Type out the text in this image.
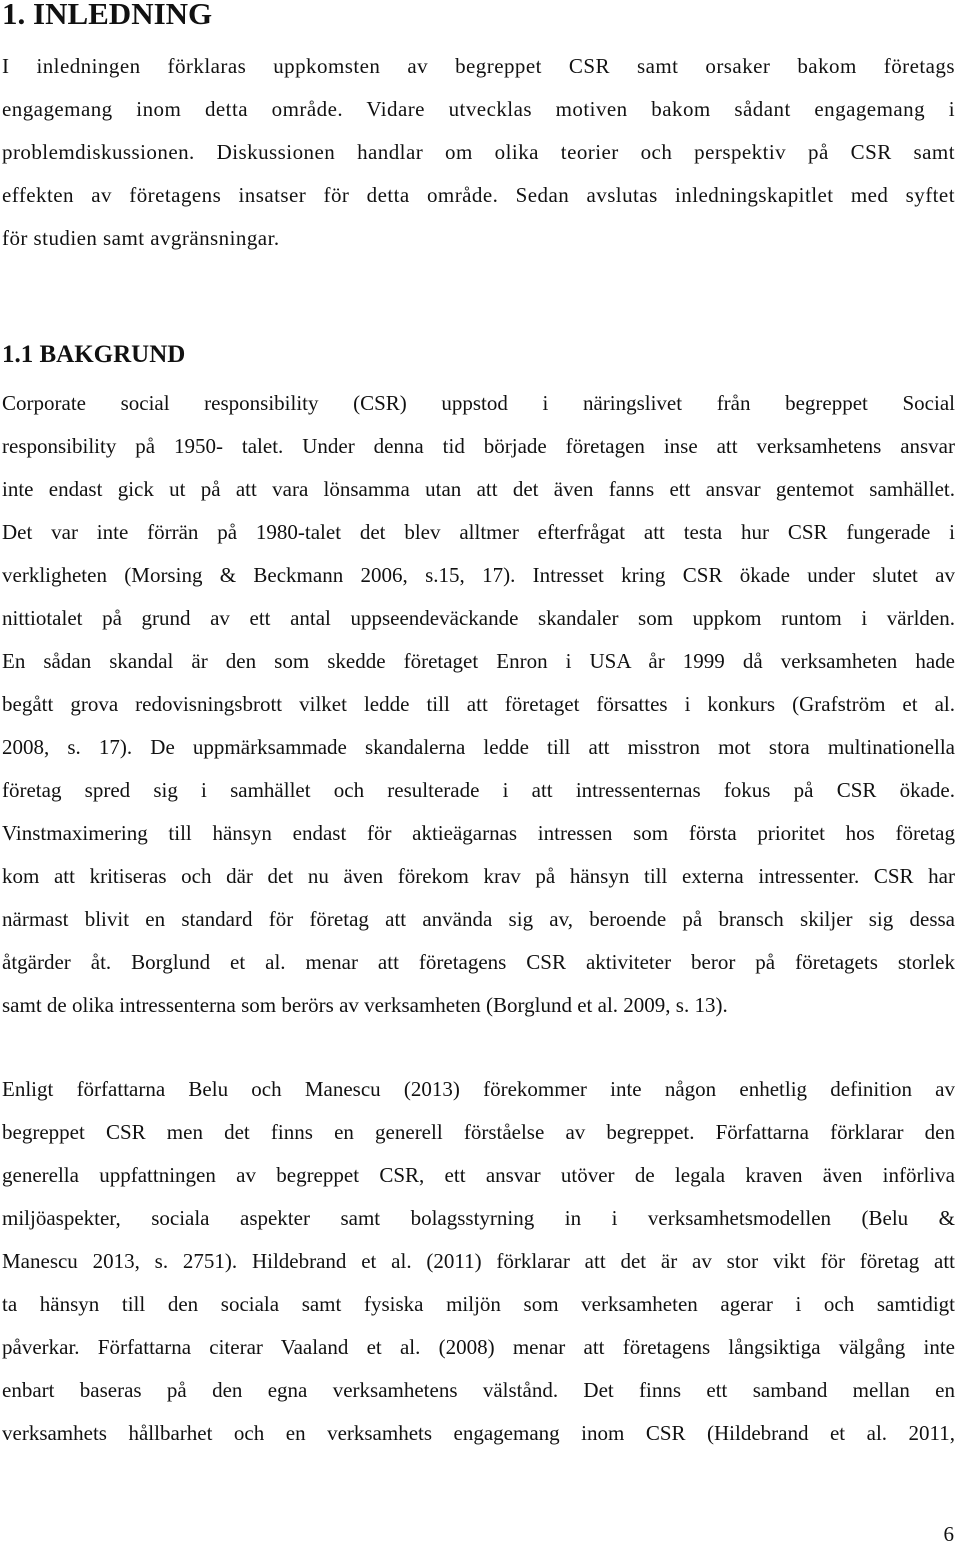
1. INLEDNING
I inledningen förklaras uppkomsten av begreppet CSR samt orsaker bakom företags
engagemang inom detta område. Vidare utvecklas motiven bakom sådant engagemang i
problemdiskussionen. Diskussionen handlar om olika teorier och perspektiv på CSR samt
effekten av företagens insatser för detta område. Sedan avslutas inledningskapitlet med syftet
för studien samt avgränsningar.
1.1 BAKGRUND
Corporate social responsibility (CSR) uppstod i näringslivet från begreppet Social
responsibility på 1950- talet. Under denna tid började företagen inse att verksamhetens ansvar
inte endast gick ut på att vara lönsamma utan att det även fanns ett ansvar gentemot samhället.
Det var inte förrän på 1980-talet det blev alltmer efterfrågat att testa hur CSR fungerade i
verkligheten (Morsing & Beckmann 2006, s.15, 17). Intresset kring CSR ökade under slutet av
nittiotalet på grund av ett antal uppseendeväckande skandaler som uppkom runtom i världen.
En sådan skandal är den som skedde företaget Enron i USA år 1999 då verksamheten hade
begått grova redovisningsbrott vilket ledde till att företaget försattes i konkurs (Grafström et al.
2008, s. 17). De uppmärksammade skandalerna ledde till att misstron mot stora multinationella
företag spred sig i samhället och resulterade i att intressenternas fokus på CSR ökade.
Vinstmaximering till hänsyn endast för aktieägarnas intressen som första prioritet hos företag
kom att kritiseras och där det nu även förekom krav på hänsyn till externa intressenter. CSR har
närmast blivit en standard för företag att använda sig av, beroende på bransch skiljer sig dessa
åtgärder åt. Borglund et al. menar att företagens CSR aktiviteter beror på företagets storlek
samt de olika intressenterna som berörs av verksamheten (Borglund et al. 2009, s. 13).
Enligt författarna Belu och Manescu (2013) förekommer inte någon enhetlig definition av
begreppet CSR men det finns en generell förståelse av begreppet. Författarna förklarar den
generella uppfattningen av begreppet CSR, ett ansvar utöver de legala kraven även införliva
miljöaspekter, sociala aspekter samt bolagsstyrning in i verksamhetsmodellen (Belu &
Manescu 2013, s. 2751). Hildebrand et al. (2011) förklarar att det är av stor vikt för företag att
ta hänsyn till den sociala samt fysiska miljön som verksamheten agerar i och samtidigt
påverkar. Författarna citerar Vaaland et al. (2008) menar att företagens långsiktiga välgång inte
enbart baseras på den egna verksamhetens välstånd. Det finns ett samband mellan en
verksamhets hållbarhet och en verksamhets engagemang inom CSR (Hildebrand et al. 2011,
6
